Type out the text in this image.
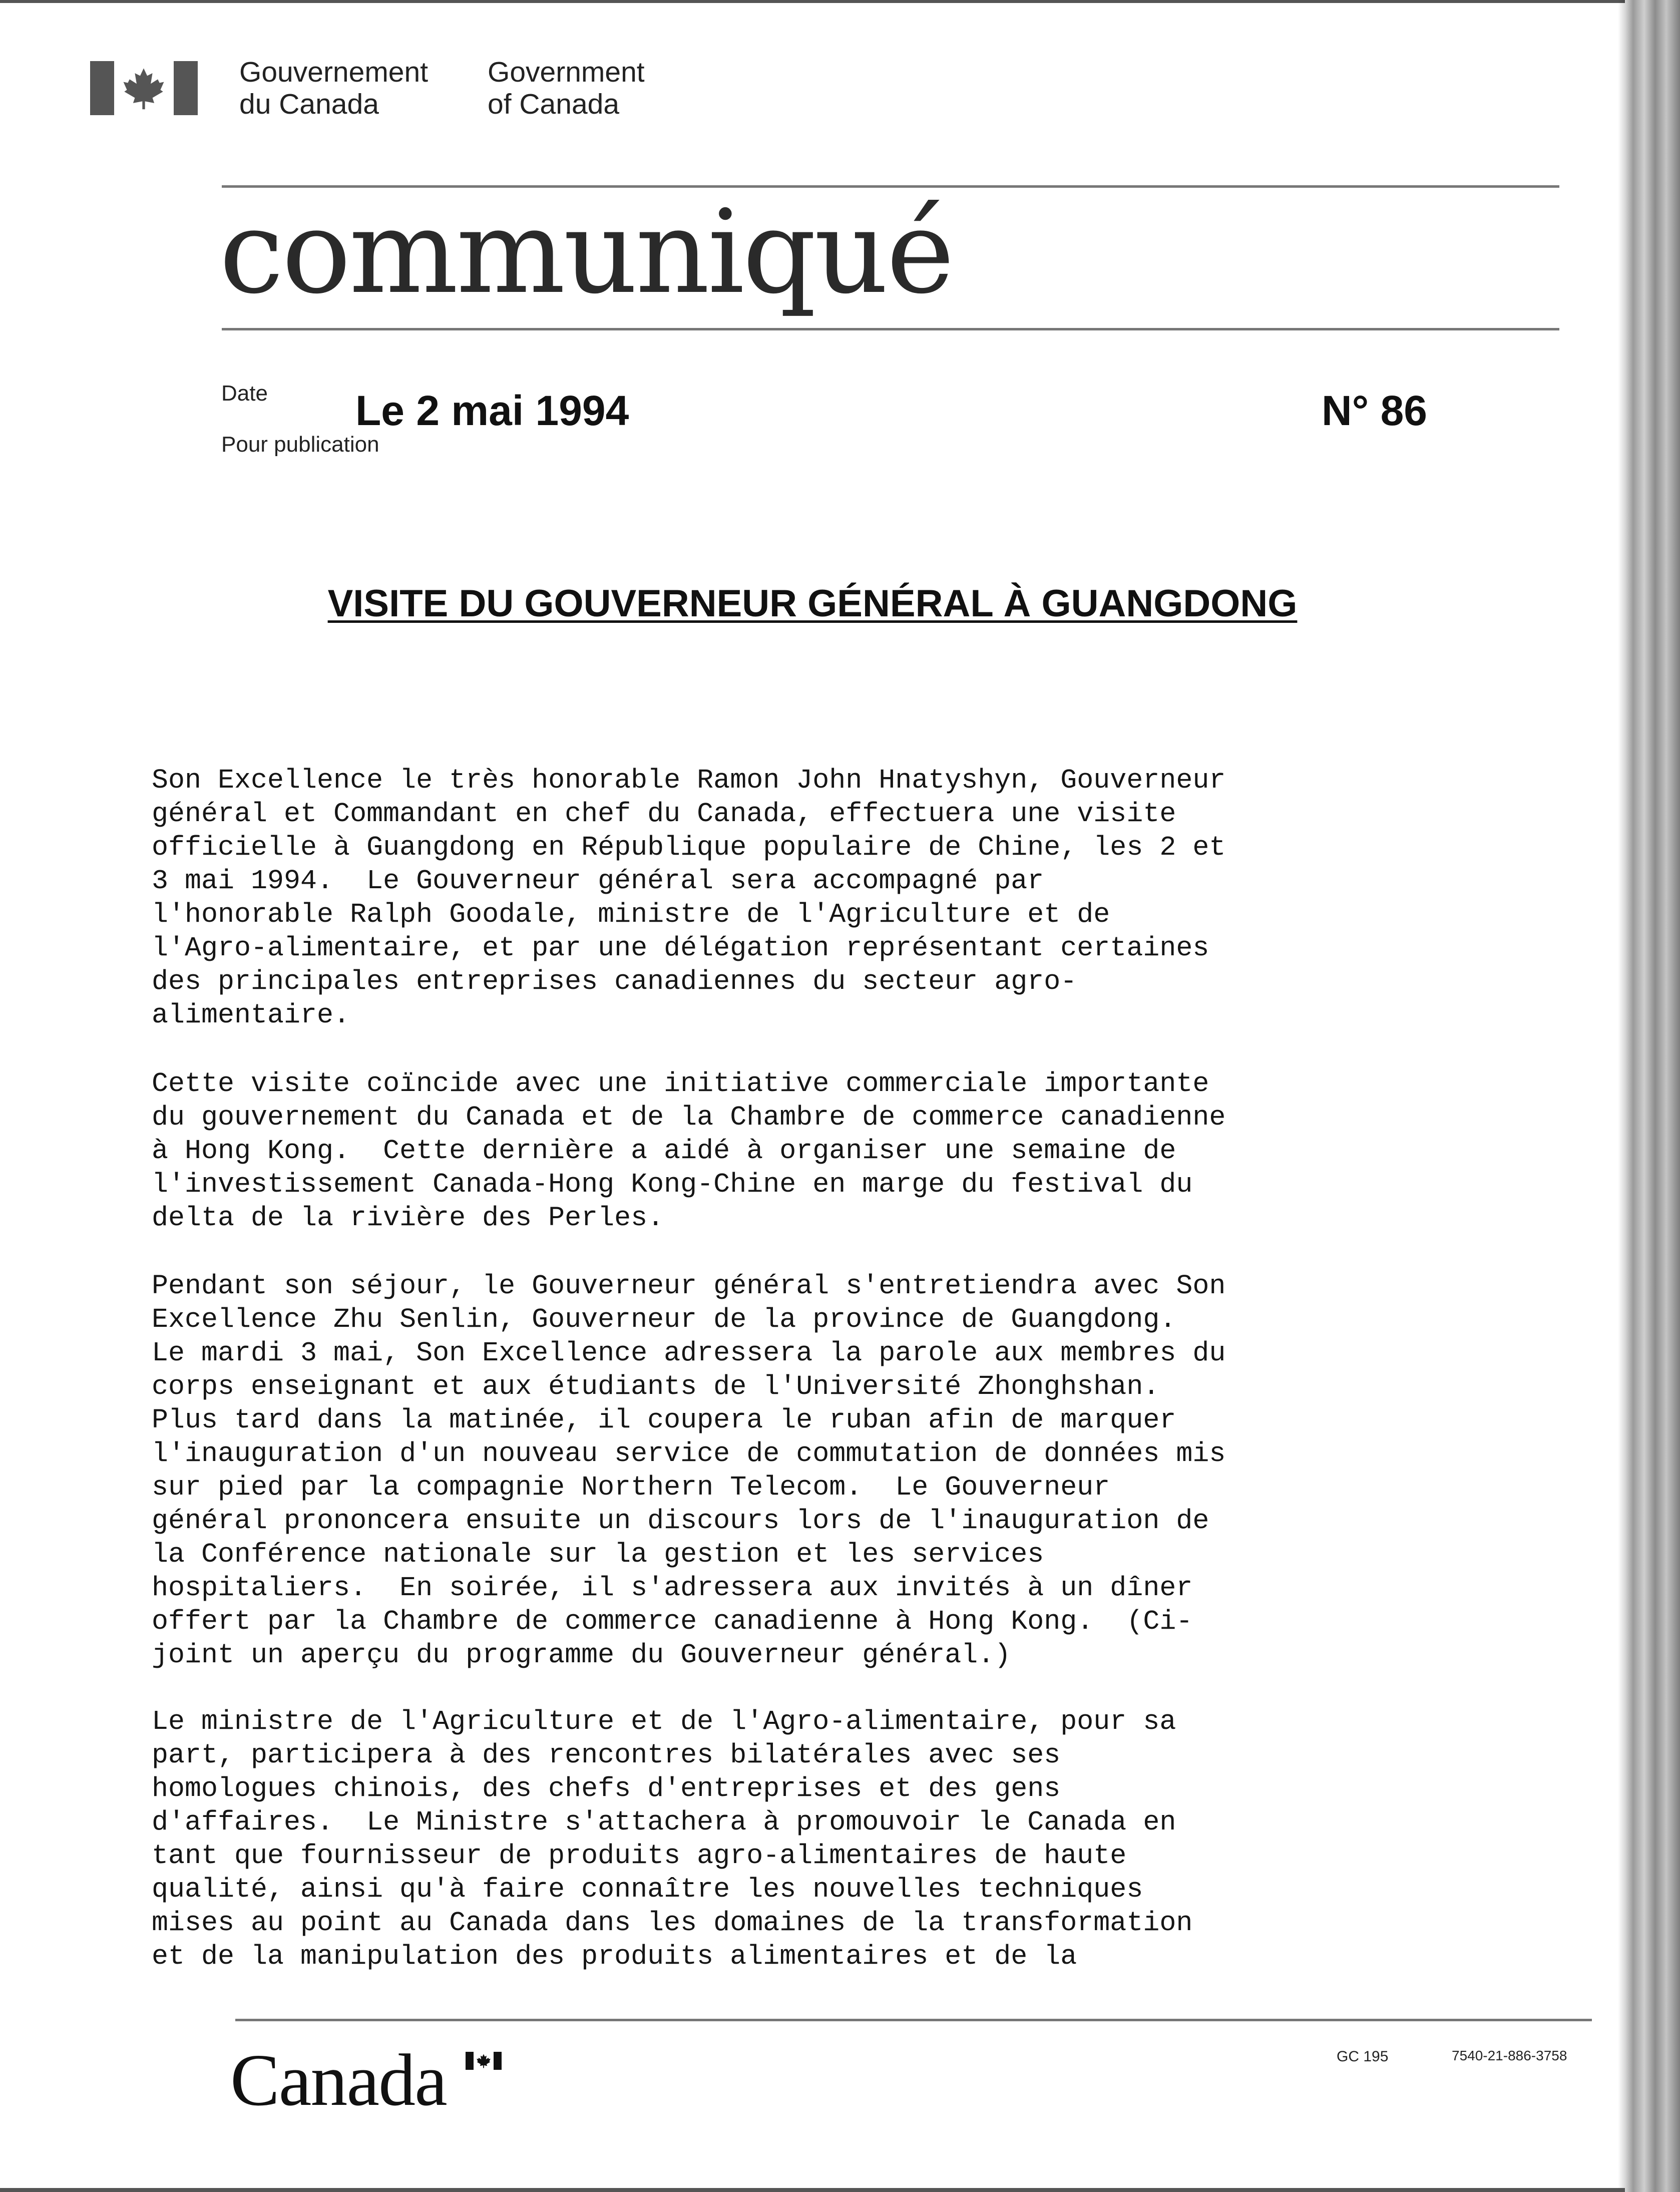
Gouvernement
du Canada
Government
of Canada
communiqué
Date
Pour publication
Le 2 mai 1994	N° 86
VISITE DU GOUVERNEUR GÉNÉRAL À GUANGDONG

Son Excellence le très honorable Ramon John Hnatyshyn, Gouverneur
général et Commandant en chef du Canada, effectuera une visite
officielle à Guangdong en République populaire de Chine, les 2 et
3 mai 1994.  Le Gouverneur général sera accompagné par
l'honorable Ralph Goodale, ministre de l'Agriculture et de
l'Agro-alimentaire, et par une délégation représentant certaines
des principales entreprises canadiennes du secteur agro-
alimentaire.

Cette visite coïncide avec une initiative commerciale importante
du gouvernement du Canada et de la Chambre de commerce canadienne
à Hong Kong.  Cette dernière a aidé à organiser une semaine de
l'investissement Canada-Hong Kong-Chine en marge du festival du
delta de la rivière des Perles.

Pendant son séjour, le Gouverneur général s'entretiendra avec Son
Excellence Zhu Senlin, Gouverneur de la province de Guangdong.
Le mardi 3 mai, Son Excellence adressera la parole aux membres du
corps enseignant et aux étudiants de l'Université Zhonghshan.
Plus tard dans la matinée, il coupera le ruban afin de marquer
l'inauguration d'un nouveau service de commutation de données mis
sur pied par la compagnie Northern Telecom.  Le Gouverneur
général prononcera ensuite un discours lors de l'inauguration de
la Conférence nationale sur la gestion et les services
hospitaliers.  En soirée, il s'adressera aux invités à un dîner
offert par la Chambre de commerce canadienne à Hong Kong.  (Ci-
joint un aperçu du programme du Gouverneur général.)

Le ministre de l'Agriculture et de l'Agro-alimentaire, pour sa
part, participera à des rencontres bilatérales avec ses
homologues chinois, des chefs d'entreprises et des gens
d'affaires.  Le Ministre s'attachera à promouvoir le Canada en
tant que fournisseur de produits agro-alimentaires de haute
qualité, ainsi qu'à faire connaître les nouvelles techniques
mises au point au Canada dans les domaines de la transformation
et de la manipulation des produits alimentaires et de la

Canada	GC 195	7540-21-886-3758
